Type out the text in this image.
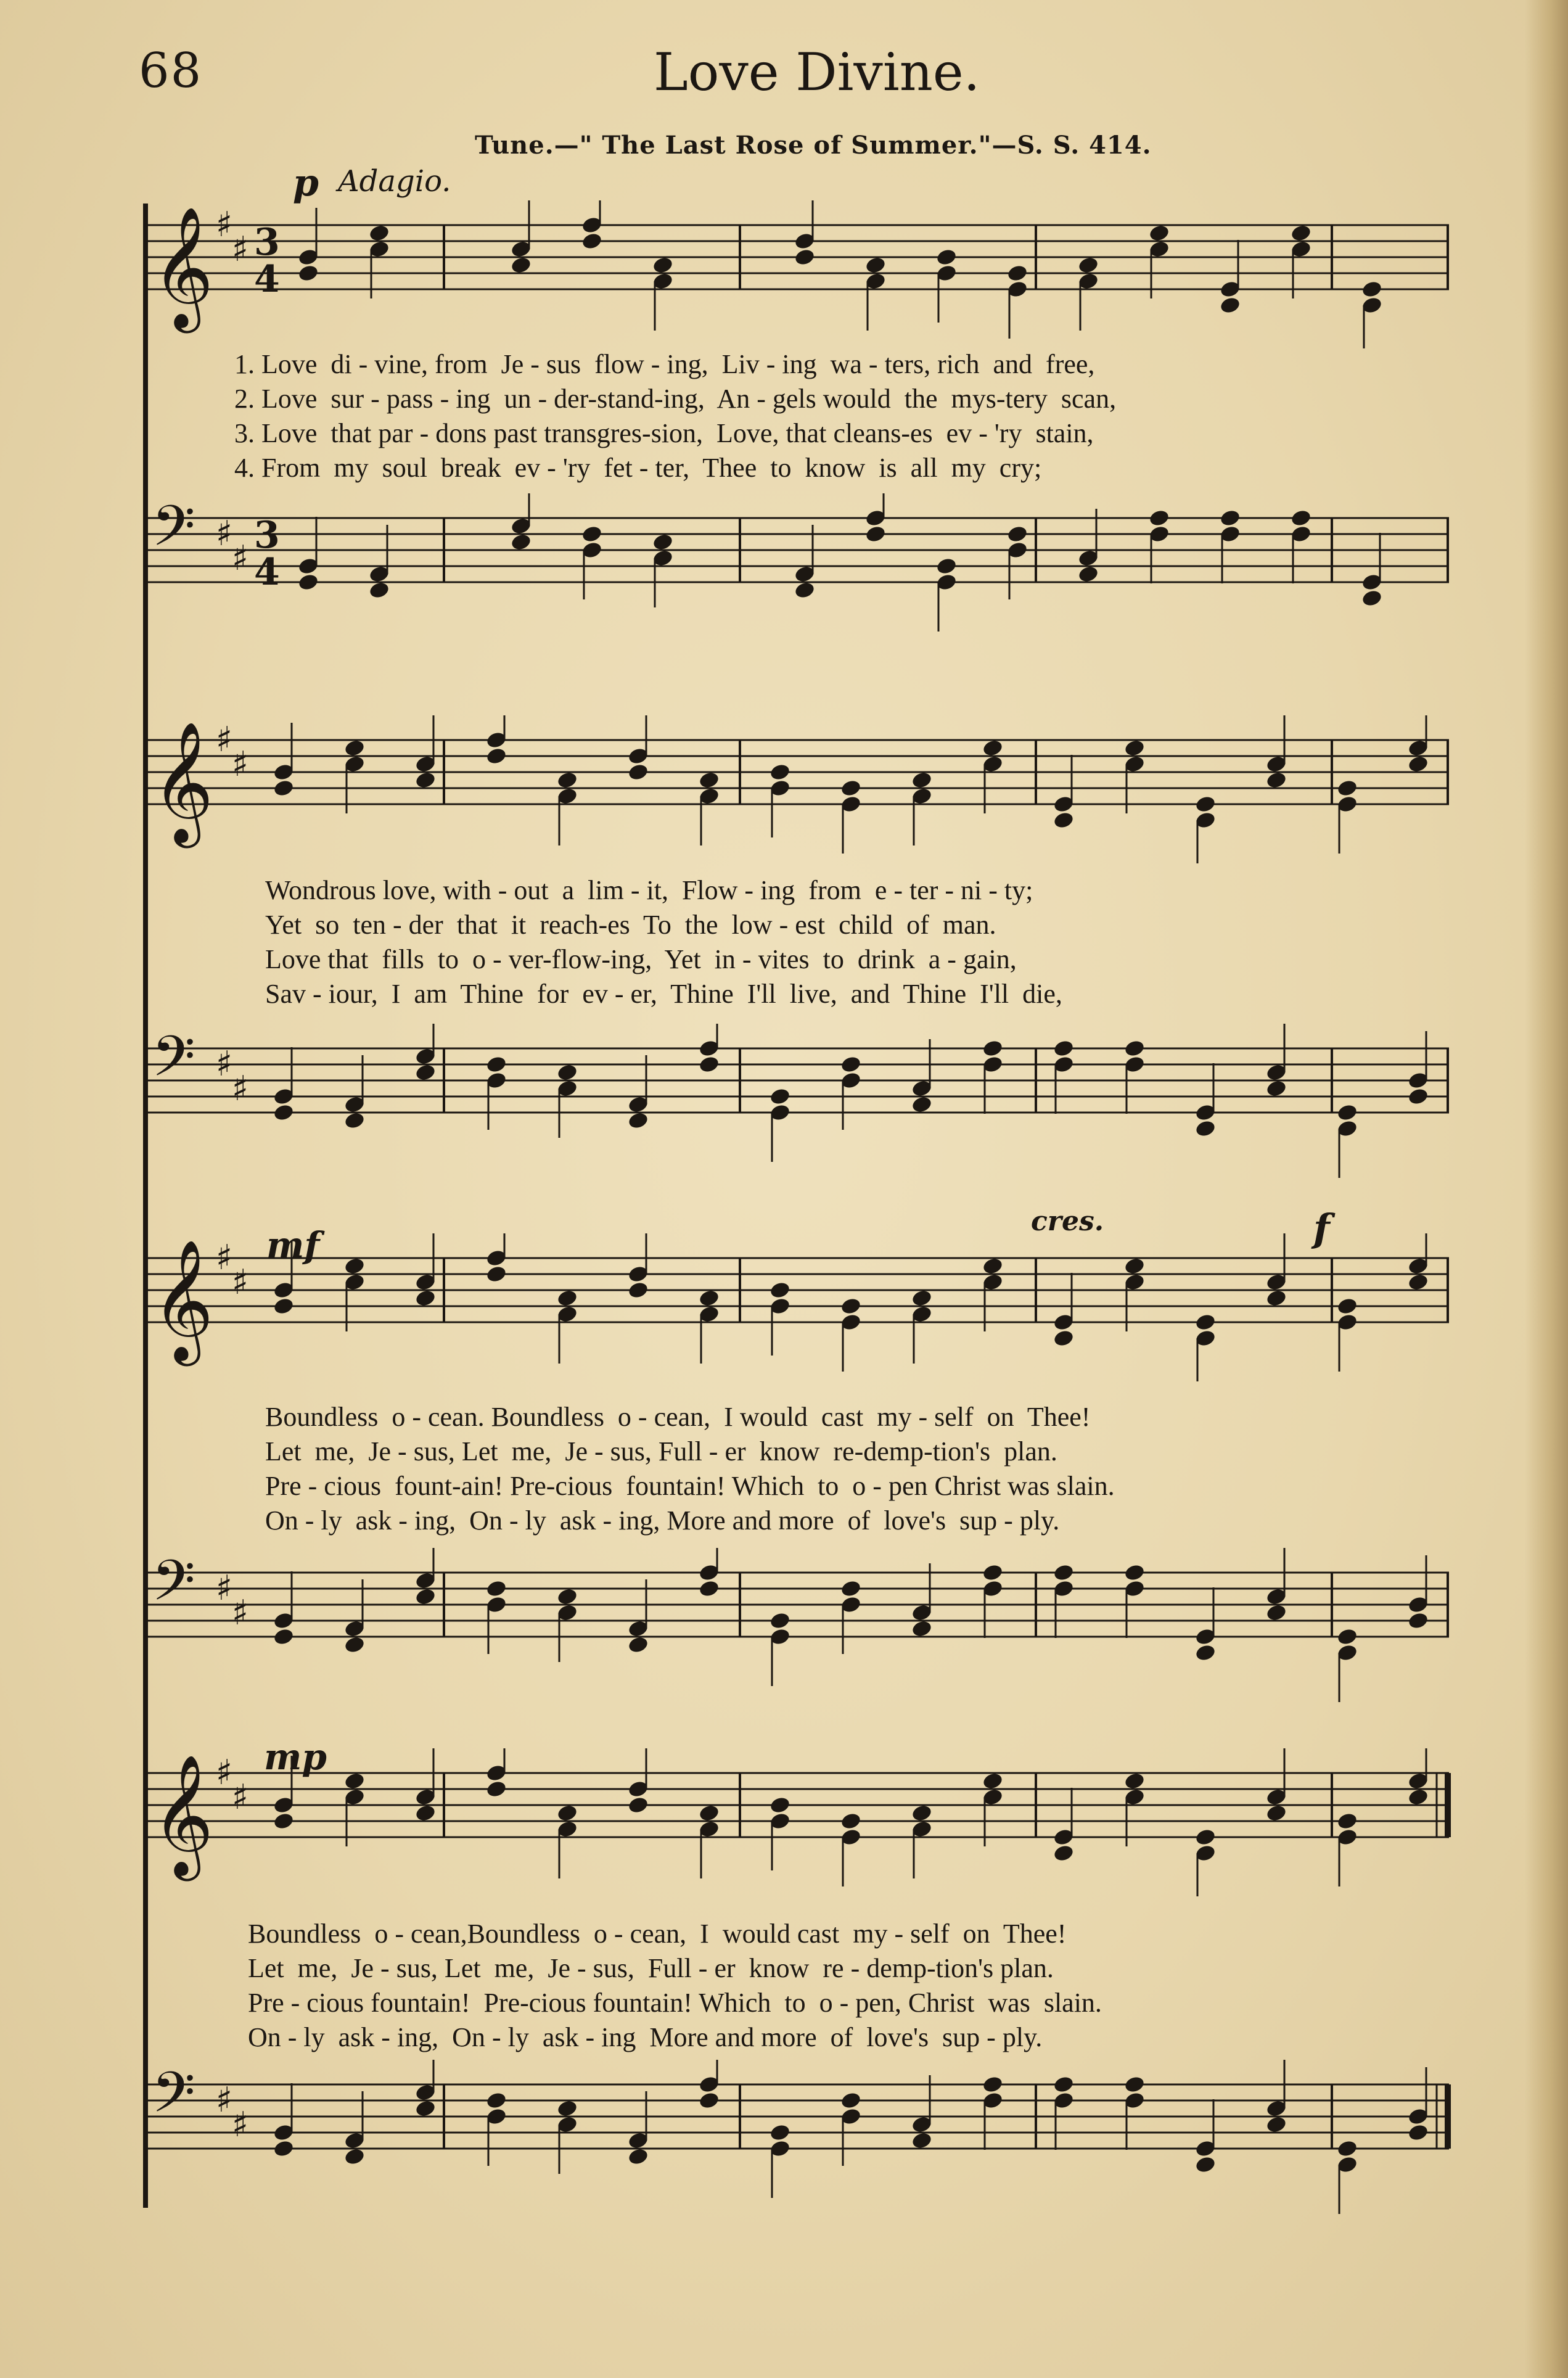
68	Love Divine.
Tune.—" The Last Rose of Summer."—S. S. 414.
p Adagio.
mf
cres.	f
mp
𝄞 ♯
♯ 3
4
1. Love  di - vine, from  Je - sus  flow - ing,  Liv - ing  wa - ters, rich  and  free,
2. Love  sur - pass - ing  un - der-stand-ing,  An - gels would  the  mys-tery  scan,
3. Love  that par - dons past transgres-sion,  Love, that cleans-es  ev - 'ry  stain,
4. From  my  soul  break  ev - 'ry  fet - ter,  Thee  to  know  is  all  my  cry;
𝄢 ♯
♯
3
4
𝄞 ♯
♯
Wondrous love, with - out  a  lim - it,  Flow - ing  from  e - ter - ni - ty;
Yet  so  ten - der  that  it  reach-es  To  the  low - est  child  of  man.
Love that  fills  to  o - ver-flow-ing,  Yet  in - vites  to  drink  a - gain,
Sav - iour,  I  am  Thine  for  ev - er,  Thine  I'll  live,  and  Thine  I'll  die,
𝄢 ♯
♯
𝄞 ♯
♯
Boundless  o - cean. Boundless  o - cean,  I would  cast  my - self  on  Thee!
Let  me,  Je - sus, Let  me,  Je - sus, Full - er  know  re-demp-tion's  plan.
Pre - cious  fount-ain! Pre-cious  fountain! Which  to  o - pen Christ was slain.
On - ly  ask - ing,  On - ly  ask - ing, More and more  of  love's  sup - ply.
𝄢 ♯
♯
𝄞 ♯
♯
Boundless  o - cean,Boundless  o - cean,  I  would cast  my - self  on  Thee!
Let  me,  Je - sus, Let  me,  Je - sus,  Full - er  know  re - demp-tion's plan.
Pre - cious fountain!  Pre-cious fountain! Which  to  o - pen, Christ  was  slain.
On - ly  ask - ing,  On - ly  ask - ing  More and more  of  love's  sup - ply.
𝄢 ♯
♯
